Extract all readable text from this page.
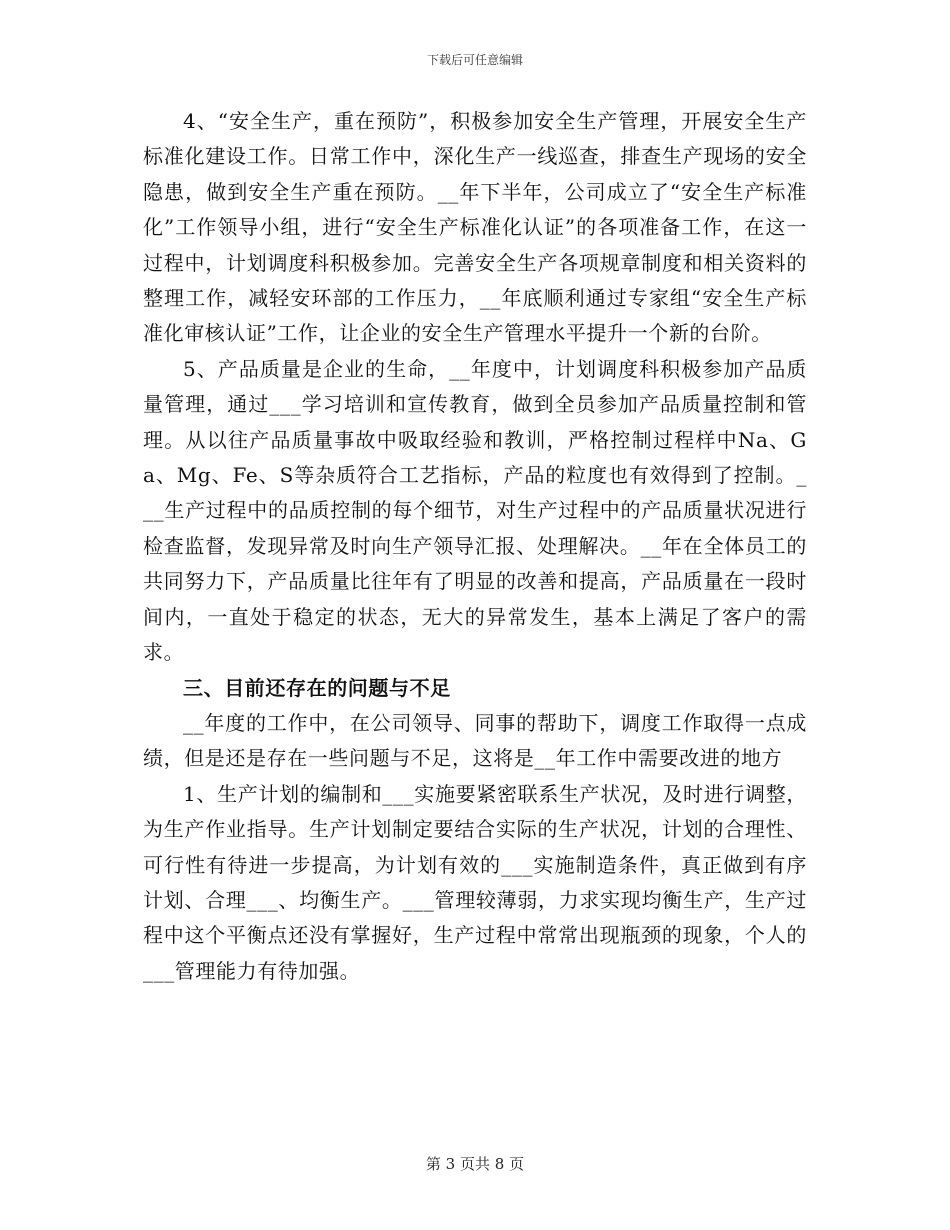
下载后可任意编辑

4、“安全生产，重在预防”，积极参加安全生产管理，开展安全生产标准化建设工作。日常工作中，深化生产一线巡查，排查生产现场的安全隐患，做到安全生产重在预防。__年下半年，公司成立了“安全生产标准化”工作领导小组，进行“安全生产标准化认证”的各项准备工作，在这一过程中，计划调度科积极参加。完善安全生产各项规章制度和相关资料的整理工作，减轻安环部的工作压力，__年底顺利通过专家组“安全生产标准化审核认证”工作，让企业的安全生产管理水平提升一个新的台阶。

5、产品质量是企业的生命，__年度中，计划调度科积极参加产品质量管理，通过___学习培训和宣传教育，做到全员参加产品质量控制和管理。从以往产品质量事故中吸取经验和教训，严格控制过程样中Na、Ga、Mg、Fe、S等杂质符合工艺指标，产品的粒度也有效得到了控制。___生产过程中的品质控制的每个细节，对生产过程中的产品质量状况进行检查监督，发现异常及时向生产领导汇报、处理解决。__年在全体员工的共同努力下，产品质量比往年有了明显的改善和提高，产品质量在一段时间内，一直处于稳定的状态，无大的异常发生，基本上满足了客户的需求。

三、目前还存在的问题与不足

__年度的工作中，在公司领导、同事的帮助下，调度工作取得一点成绩，但是还是存在一些问题与不足，这将是__年工作中需要改进的地方

1、生产计划的编制和___实施要紧密联系生产状况，及时进行调整，为生产作业指导。生产计划制定要结合实际的生产状况，计划的合理性、可行性有待进一步提高，为计划有效的___实施制造条件，真正做到有序计划、合理___、均衡生产。___管理较薄弱，力求实现均衡生产，生产过程中这个平衡点还没有掌握好，生产过程中常常出现瓶颈的现象，个人的___管理能力有待加强。

第 3 页共 8 页
